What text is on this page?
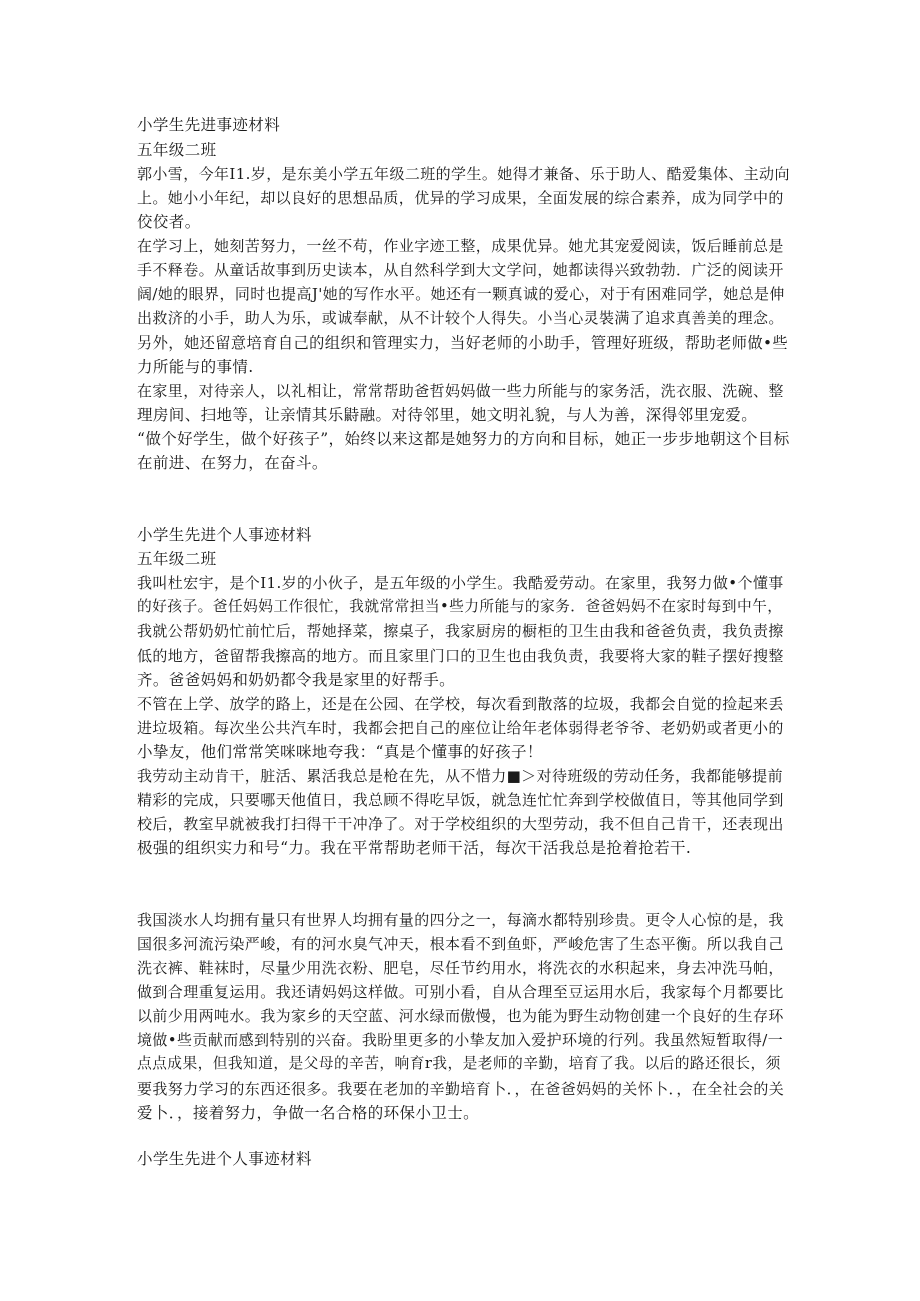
小学生先进事迹材料
五年级二班
郭小雪，今年I1.岁，是东美小学五年级二班的学生。她得才兼备、乐于助人、酷爱集体、主动向
上。她小小年纪，却以良好的思想品质，优异的学习成果，全面发展的综合素养，成为同学中的
佼佼者。
在学习上，她刻苦努力，一丝不苟，作业字迹工整，成果优异。她尤其宠爱阅读，饭后睡前总是
手不释卷。从童话故事到历史读本，从自然科学到大文学问，她都读得兴致勃勃．广泛的阅读开
阔/她的眼界，同时也提高J'她的写作水平。她还有一颗真诚的爱心，对于有困难同学，她总是伸
出救济的小手，助人为乐，或诚奉献，从不计较个人得失。小当心灵裝满了追求真善美的理念。
另外，她还留意培育自己的组织和管理实力，当好老师的小助手，管理好班级，帮助老师做•些
力所能与的事情.
在家里，对待亲人，以礼相让，常常帮助爸哲妈妈做一些力所能与的家务活，洗衣服、洗碗、整
理房间、扫地等，让亲情其乐鼭融。对待邻里，她文明礼貌，与人为善，深得邻里宠爱。
“做个好学生，做个好孩子”，始终以来这都是她努力的方向和目标，她正一步步地朝这个目标
在前进、在努力，在奋斗。
小学生先进个人事迹材料
五年级二班
我叫杜宏宇，是个I1.岁的小伙子，是五年级的小学生。我酷爱劳动。在家里，我努力做•个懂事
的好孩子。爸任妈妈工作很忙，我就常常担当•些力所能与的家务．爸爸妈妈不在家时每到中午，
我就公帮奶奶忙前忙后，帮她择菜，擦桌子，我家厨房的橱柜的卫生由我和爸爸负责，我负责擦
低的地方，爸留帮我擦高的地方。而且家里门口的卫生也由我负责，我要将大家的鞋子摆好搜整
齐。爸爸妈妈和奶奶都令我是家里的好帮手。
不管在上学、放学的路上，还是在公园、在学校，每次看到散落的垃圾，我都会自觉的捡起来丢
进垃圾箱。每次坐公共汽车时，我都会把自己的座位让给年老体弱得老爷爷、老奶奶或者更小的
小挚友，他们常常笑咪咪地夸我：“真是个懂事的好孩子！
我劳动主动肯干，脏活、累活我总是枪在先，从不惜力■＞对待班级的劳动任务，我都能够提前
精彩的完成，只要哪天他值日，我总顾不得吃早饭，就急连忙忙奔到学校做值日，等其他同学到
校后，教室早就被我打扫得干干冲净了。对于学校组织的大型劳动，我不但自己肯干，还表现出
极强的组织实力和号“力。我在平常帮助老师干活，每次干活我总是抢着抢若干.
我国淡水人均拥有量只有世界人均拥有量的四分之一，每滴水都特别珍贵。更令人心惊的是，我
国很多河流污染严峻，有的河水臭气冲天，根本看不到鱼虾，严峻危害了生态平衡。所以我自己
洗衣裤、鞋袜时，尽量少用洗衣粉、肥皂，尽任节约用水，将洗衣的水积起来，身去冲洗马帕，
做到合理重复运用。我还请妈妈这样做。可别小看，自从合理至豆运用水后，我家每个月都要比
以前少用两吨水。我为家乡的天空蓝、河水绿而傲慢，也为能为野生动物创建一个良好的生存环
境做•些贡献而感到特别的兴奋。我盼里更多的小挚友加入爱护环境的行列。我虽然短暂取得/一
点点成果，但我知道，是父母的辛苦，响育r我，是老师的辛勤，培育了我。以后的路还很长，须
要我努力学习的东西还很多。我要在老加的辛勤培育卜．，在爸爸妈妈的关怀卜．，在全社会的关
爱卜．，接着努力，争做一名合格的环保小卫士。
小学生先进个人事迹材料
